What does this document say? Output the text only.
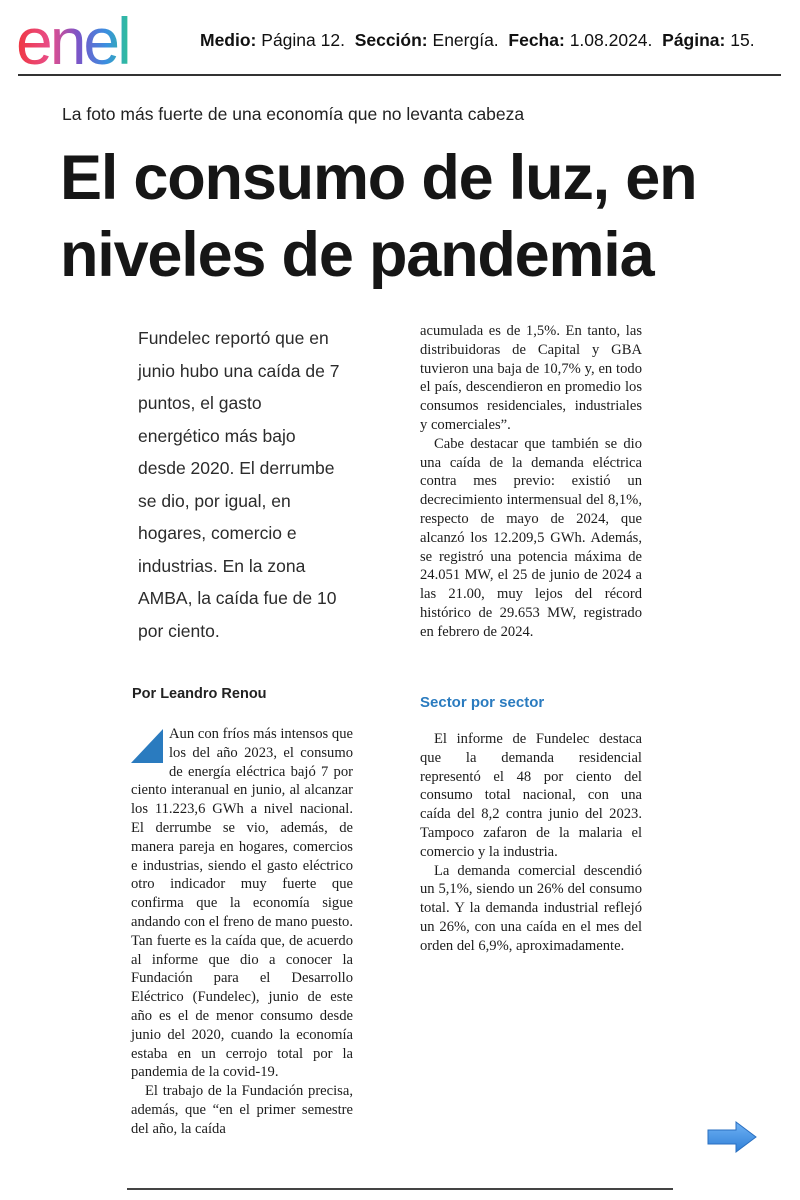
enel	Medio: Página 12. Sección: Energía. Fecha: 1.08.2024. Página: 15.
La foto más fuerte de una economía que no levanta cabeza
El consumo de luz, en
niveles de pandemia
Fundelec reportó que en junio hubo una caída de 7 puntos, el gasto energético más bajo desde 2020. El derrumbe se dio, por igual, en hogares, comercio e industrias. En la zona AMBA, la caída fue de 10 por ciento.
Por Leandro Renou

Aun con fríos más intensos que los del año 2023, el consumo de energía eléctrica bajó 7 por ciento interanual en junio, al alcanzar los 11.223,6 GWh a nivel nacional. El derrumbe se vio, además, de manera pareja en hogares, comercios e industrias, siendo el gasto eléctrico otro indicador muy fuerte que confirma que la economía sigue andando con el freno de mano puesto. Tan fuerte es la caída que, de acuerdo al informe que dio a conocer la Fundación para el Desarrollo Eléctrico (Fundelec), junio de este año es el de menor consumo desde junio del 2020, cuando la economía estaba en un cerrojo total por la pandemia de la covid-19.

El trabajo de la Fundación precisa, además, que “en el primer semestre del año, la caída

acumulada es de 1,5%. En tanto, las distribuidoras de Capital y GBA tuvieron una baja de 10,7% y, en todo el país, descendieron en promedio los consumos residenciales, industriales y comerciales”.

Cabe destacar que también se dio una caída de la demanda eléctrica contra mes previo: existió un decrecimiento intermensual del 8,1%, respecto de mayo de 2024, que alcanzó los 12.209,5 GWh. Además, se registró una potencia máxima de 24.051 MW, el 25 de junio de 2024 a las 21.00, muy lejos del récord histórico de 29.653 MW, registrado en febrero de 2024.

Sector por sector

El informe de Fundelec destaca que la demanda residencial representó el 48 por ciento del consumo total nacional, con una caída del 8,2 contra junio del 2023. Tampoco zafaron de la malaria el comercio y la industria.

La demanda comercial descendió un 5,1%, siendo un 26% del consumo total. Y la demanda industrial reflejó un 26%, con una caída en el mes del orden del 6,9%, aproximadamente.
